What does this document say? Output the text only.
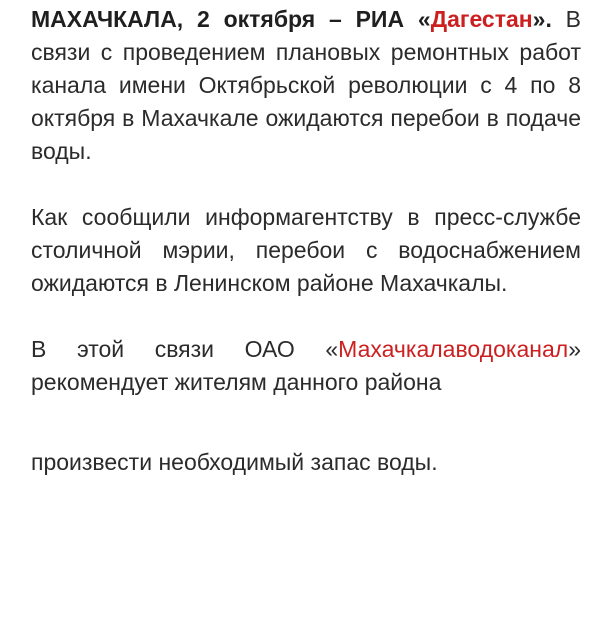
МАХАЧКАЛА, 2 октября – РИА «Дагестан». В связи с проведением плановых ремонтных работ канала имени Октябрьской революции с 4 по 8 октября в Махачкале ожидаются перебои в подаче воды.

Как сообщили информагентству в пресс-службе столичной мэрии, перебои с водоснабжением ожидаются в Ленинском районе Махачкалы.

В этой связи ОАО «Махачкалаводоканал» рекомендует жителям данного района

произвести необходимый запас воды.
